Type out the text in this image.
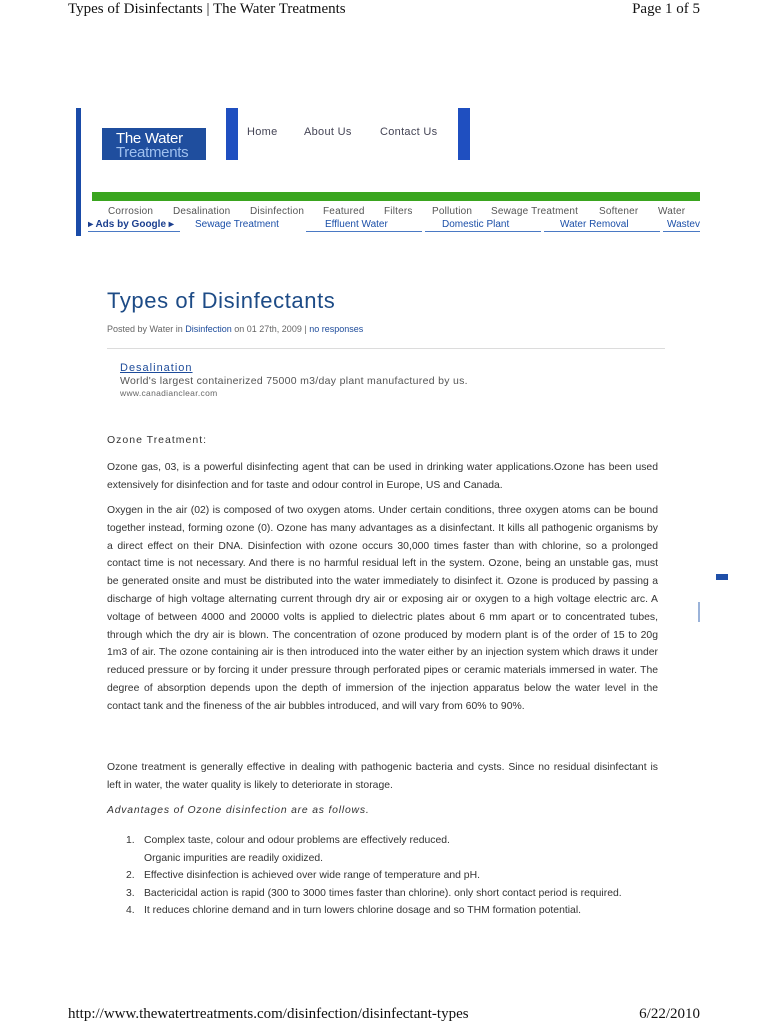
Types of Disinfectants | The Water Treatments	Page 1 of 5
The Water
Treatments
Home About Us	Contact Us
Corrosion Desalination Disinfection Featured Filters Pollution Sewage Treatment Softener Water
▸ Ads by Google ▸ Sewage Treatment	Effluent Water	Domestic Plant	Water Removal	Wastev
Types of Disinfectants
Posted by Water in Disinfection on 01 27th, 2009 | no responses
Desalination
World's largest containerized 75000 m3/day plant manufactured by us.
www.canadianclear.com
Ozone Treatment:

Ozone gas, 03, is a powerful disinfecting agent that can be used in drinking water applications.Ozone has been used extensively for disinfection and for taste and odour control in Europe, US and Canada.

Oxygen in the air (02) is composed of two oxygen atoms. Under certain conditions, three oxygen atoms can be bound together instead, forming ozone (0). Ozone has many advantages as a disinfectant. It kills all pathogenic organisms by a direct effect on their DNA. Disinfection with ozone occurs 30,000 times faster than with chlorine, so a prolonged contact time is not necessary. And there is no harmful residual left in the system. Ozone, being an unstable gas, must be generated onsite and must be distributed into the water immediately to disinfect it. Ozone is produced by passing a discharge of high voltage alternating current through dry air or exposing air or oxygen to a high voltage electric arc. A voltage of between 4000 and 20000 volts is applied to dielectric plates about 6 mm apart or to concentrated tubes, through which the dry air is blown. The concentration of ozone produced by modern plant is of the order of 15 to 20g 1m3 of air. The ozone containing air is then introduced into the water either by an injection system which draws it under reduced pressure or by forcing it under pressure through perforated pipes or ceramic materials immersed in water. The degree of absorption depends upon the depth of immersion of the injection apparatus below the water level in the contact tank and the fineness of the air bubbles introduced, and will vary from 60% to 90%.

Ozone treatment is generally effective in dealing with pathogenic bacteria and cysts. Since no residual disinfectant is left in water, the water quality is likely to deteriorate in storage.

Advantages of Ozone disinfection are as follows.
1. Complex taste, colour and odour problems are effectively reduced.
Organic impurities are readily oxidized.
2. Effective disinfection is achieved over wide range of temperature and pH.
3. Bactericidal action is rapid (300 to 3000 times faster than chlorine). only short contact period is required.
4. It reduces chlorine demand and in turn lowers chlorine dosage and so THM formation potential.
http://www.thewatertreatments.com/disinfection/disinfectant-types	6/22/2010
